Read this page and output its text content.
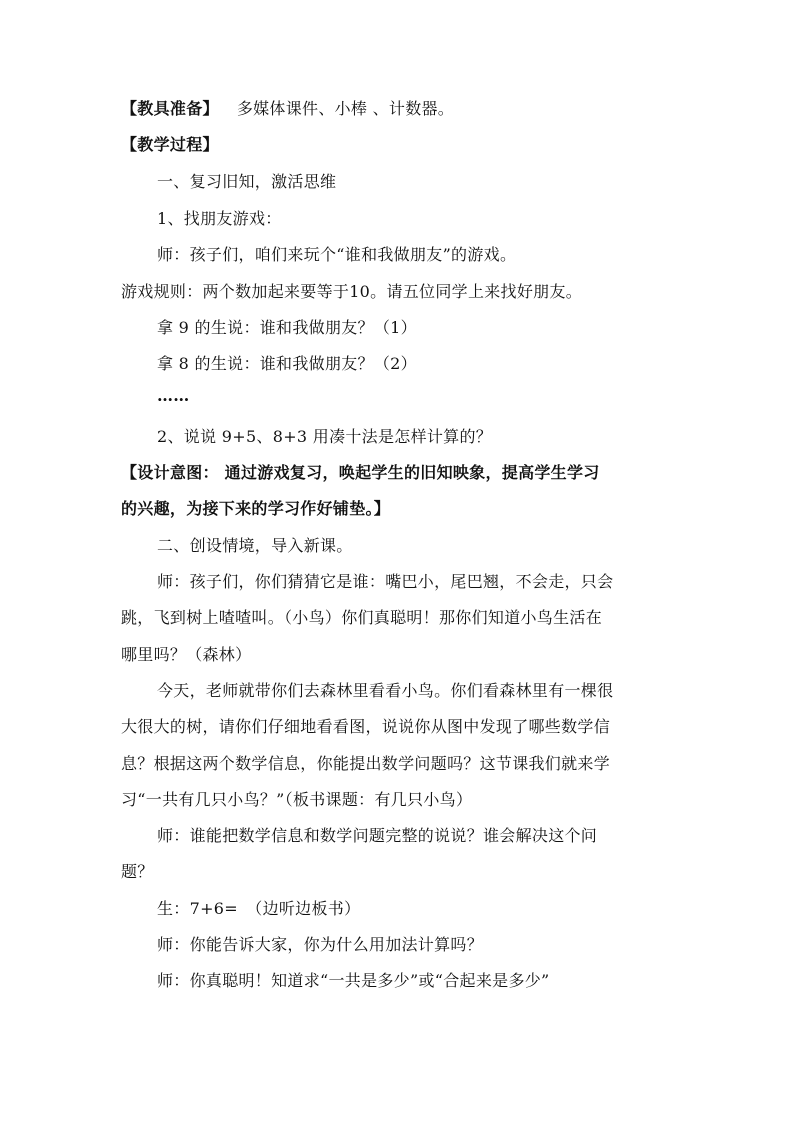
【教具准备】 多媒体课件、小棒 、计数器。
【教学过程】
一、复习旧知，激活思维
1、找朋友游戏：
师：孩子们，咱们来玩个“谁和我做朋友”的游戏。
游戏规则：两个数加起来要等于10。请五位同学上来找好朋友。
拿 9 的生说：谁和我做朋友？（1）
拿 8 的生说：谁和我做朋友？（2）
……
2、说说 9+5、8+3 用凑十法是怎样计算的？
【设计意图： 通过游戏复习，唤起学生的旧知映象，提高学生学习
的兴趣，为接下来的学习作好铺垫。】
二、创设情境，导入新课。
师：孩子们，你们猜猜它是谁：嘴巴小，尾巴翘，不会走，只会
跳，飞到树上喳喳叫。（小鸟）你们真聪明！那你们知道小鸟生活在
哪里吗？（森林）
今天，老师就带你们去森林里看看小鸟。你们看森林里有一棵很
大很大的树，请你们仔细地看看图，说说你从图中发现了哪些数学信
息？根据这两个数学信息，你能提出数学问题吗？这节课我们就来学
习“一共有几只小鸟？”（板书课题：有几只小鸟）
师：谁能把数学信息和数学问题完整的说说？谁会解决这个问
题？
生：7+6=　（边听边板书）
师：你能告诉大家，你为什么用加法计算吗？
师：你真聪明！知道求“一共是多少”或“合起来是多少”
